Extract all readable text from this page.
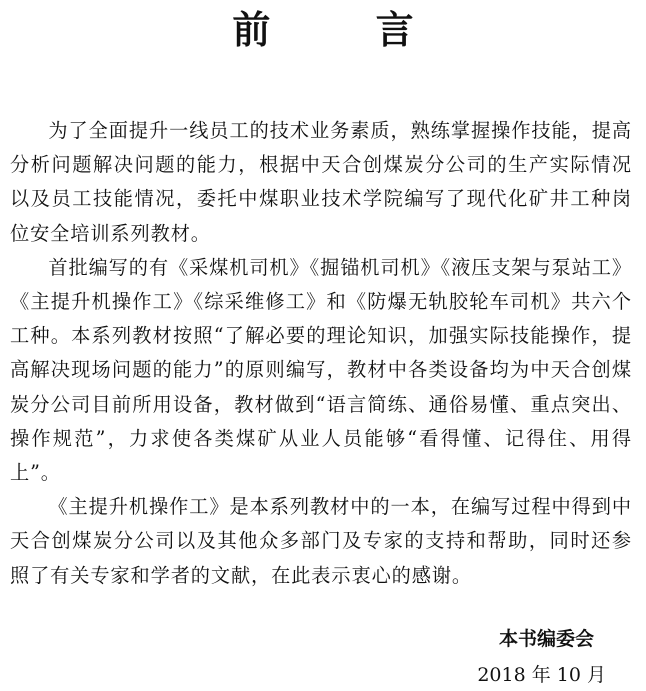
前 言

为了全面提升一线员工的技术业务素质，熟练掌握操作技能，提高分析问题解决问题的能力，根据中天合创煤炭分公司的生产实际情况以及员工技能情况，委托中煤职业技术学院编写了现代化矿井工种岗位安全培训系列教材。

首批编写的有《采煤机司机》《掘锚机司机》《液压支架与泵站工》《主提升机操作工》《综采维修工》和《防爆无轨胶轮车司机》共六个工种。本系列教材按照“了解必要的理论知识，加强实际技能操作，提高解决现场问题的能力”的原则编写，教材中各类设备均为中天合创煤炭分公司目前所用设备，教材做到“语言简练、通俗易懂、重点突出、操作规范”，力求使各类煤矿从业人员能够“看得懂、记得住、用得上”。

《主提升机操作工》是本系列教材中的一本，在编写过程中得到中天合创煤炭分公司以及其他众多部门及专家的支持和帮助，同时还参照了有关专家和学者的文献，在此表示衷心的感谢。

本书编委会
2018 年 10 月
